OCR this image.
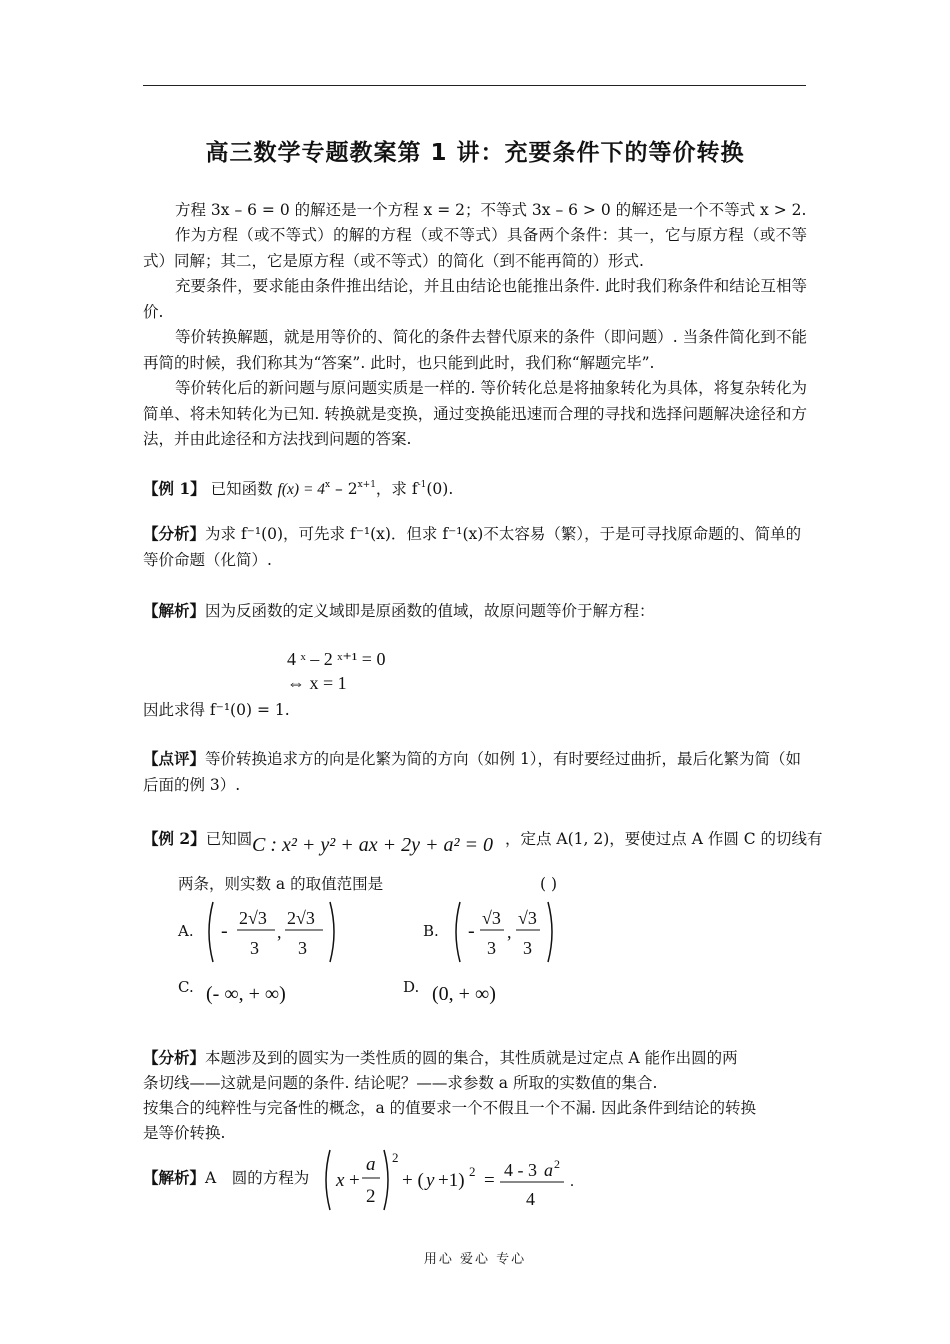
高三数学专题教案第 1 讲：充要条件下的等价转换

方程 3x – 6 = 0 的解还是一个方程 x = 2；不等式 3x – 6 > 0 的解还是一个不等式 x > 2.

作为方程（或不等式）的解的方程（或不等式）具备两个条件：其一，它与原方程（或不等式）同解；其二，它是原方程（或不等式）的简化（到不能再简的）形式.

充要条件，要求能由条件推出结论，并且由结论也能推出条件. 此时我们称条件和结论互相等价.

等价转换解题，就是用等价的、简化的条件去替代原来的条件（即问题）. 当条件简化到不能再简的时候，我们称其为“答案”. 此时，也只能到此时，我们称“解题完毕”.

等价转化后的新问题与原问题实质是一样的. 等价转化总是将抽象转化为具体，将复杂转化为简单、将未知转化为已知. 转换就是变换，通过变换能迅速而合理的寻找和选择问题解决途径和方法，并由此途径和方法找到问题的答案.

【例 1】 已知函数 $f(x) = 4^x - 2^{x+1}$，求 $f^{-1}(0)$.

【分析】为求 f⁻¹(0)，可先求 f⁻¹(x)．但求 f⁻¹(x)不太容易（繁），于是可寻找原命题的、简单的等价命题（化简）.

【解析】因为反函数的定义域即是原函数的值域，故原问题等价于解方程：
4 ˣ – 2 ˣ⁺¹ = 0
⇔ x = 1
因此求得 f⁻¹(0) = 1.

【点评】等价转换追求方的向是化繁为简的方向（如例 1），有时要经过曲折，最后化繁为简（如后面的例 3）.

【例 2】已知圆 C : x² + y² + ax + 2y + a² = 0 ，定点 A(1, 2)，要使过点 A 作圆 C 的切线有
两条，则实数 a 的取值范围是	( )
A. -
2√3
3
,
2√3
3
B. -
√3
3
,
√3
3
C. (- ∞, + ∞)	D. (0, + ∞)
【分析】本题涉及到的圆实为一类性质的圆的集合，其性质就是过定点 A 能作出圆的两
条切线——这就是问题的条件. 结论呢？——求参数 a 所取的实数值的集合.
按集合的纯粹性与完备性的概念，a 的值要求一个不假且一个不漏. 因此条件到结论的转换
是等价转换.
【解析】A　圆的方程为 x +
a
2
2
+ ( y +1) 2 = 4 - 3 a 2
4
.
用心 爱心 专心
